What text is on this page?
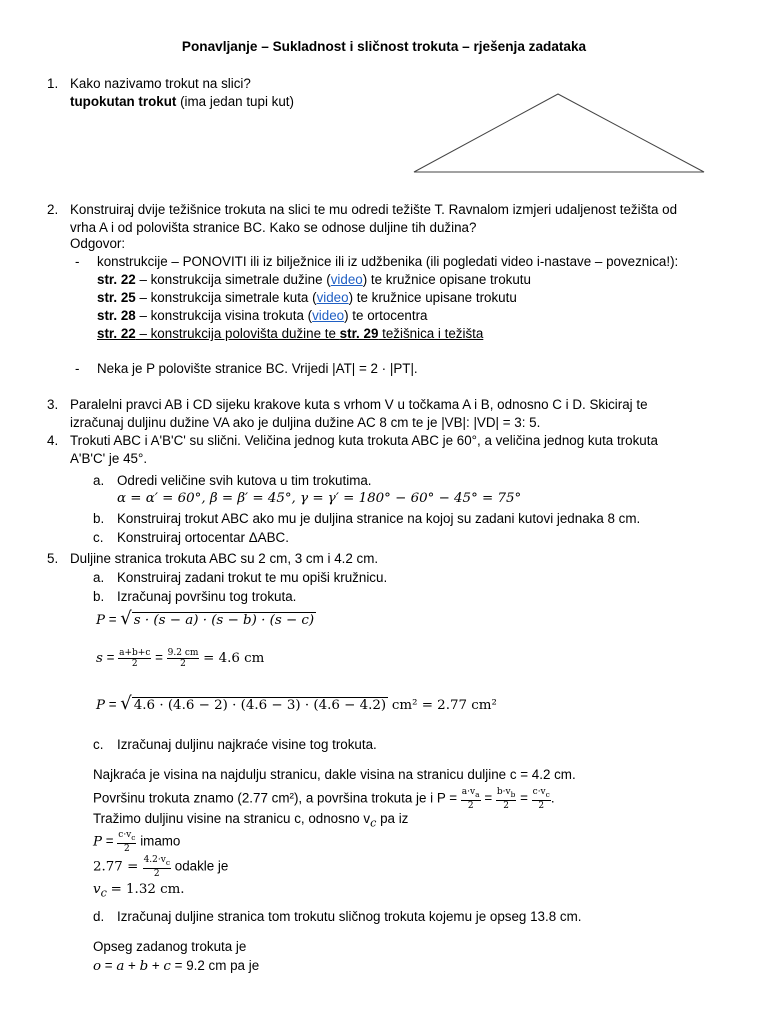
Ponavljanje – Sukladnost i sličnost trokuta – rješenja zadataka
1. Kako nazivamo trokut na slici?
tupokutan trokut (ima jedan tupi kut)
2. Konstruiraj dvije težišnice trokuta na slici te mu odredi težište T. Ravnalom izmjeri udaljenost težišta od
vrha A i od polovišta stranice BC. Kako se odnose duljine tih dužina?
Odgovor:
- konstrukcije – PONOVITI ili iz bilježnice ili iz udžbenika (ili pogledati video i-nastave – poveznica!):
str. 22 – konstrukcija simetrale dužine (video) te kružnice opisane trokutu
str. 25 – konstrukcija simetrale kuta (video) te kružnice upisane trokutu
str. 28 – konstrukcija visina trokuta (video) te ortocentra
str. 22 – konstrukcija polovišta dužine te str. 29 težišnica i težišta
- Neka je P polovište stranice BC. Vrijedi |AT| = 2 · |PT|.
3. Paralelni pravci AB i CD sijeku krakove kuta s vrhom V u točkama A i B, odnosno C i D. Skiciraj te
izračunaj duljinu dužine VA ako je duljina dužine AC 8 cm te je |VB|: |VD| = 3: 5.
4. Trokuti ABC i A'B'C' su slični. Veličina jednog kuta trokuta ABC je 60°, a veličina jednog kuta trokuta
A'B'C' je 45°.
a. Odredi veličine svih kutova u tim trokutima.
α = α′ = 60°, β = β′ = 45°, γ = γ′ = 180° − 60° − 45° = 75°
b. Konstruiraj trokut ABC ako mu je duljina stranice na kojoj su zadani kutovi jednaka 8 cm.
c. Konstruiraj ortocentar ΔABC.
5. Duljine stranica trokuta ABC su 2 cm, 3 cm i 4.2 cm.
a. Konstruiraj zadani trokut te mu opiši kružnicu.
b. Izračunaj površinu tog trokuta.
P = √ s · (s − a) · (s − b) · (s − c)
$s = \frac{a+b+c}{2} = \frac{9.2 cm}{2} = 4.6$ cm
P = √ 4.6 · (4.6 − 2) · (4.6 − 3) · (4.6 − 4.2) cm² = 2.77 cm²
c. Izračunaj duljinu najkraće visine tog trokuta.
Najkraća je visina na najdulju stranicu, dakle visina na stranicu duljine c = 4.2 cm.
Površinu trokuta znamo (2.77 cm²), a površina trokuta je i $P = \frac{a\cdot v_a}{2} = \frac{b\cdot v_b}{2} = \frac{c\cdot v_c}{2}$ .
Tražimo duljinu visine na stranicu c, odnosno $v_c$ pa iz
$P = \frac{c\cdot v_c}{2}$ imamo
$2.77 = \frac{4.2\cdot v_c}{2}$ odakle je
$v_c = 1.32$ cm.
d. Izračunaj duljine stranica tom trokutu sličnog trokuta kojemu je opseg 13.8 cm.
Opseg zadanog trokuta je
o = a + b + c = 9.2 cm pa je
